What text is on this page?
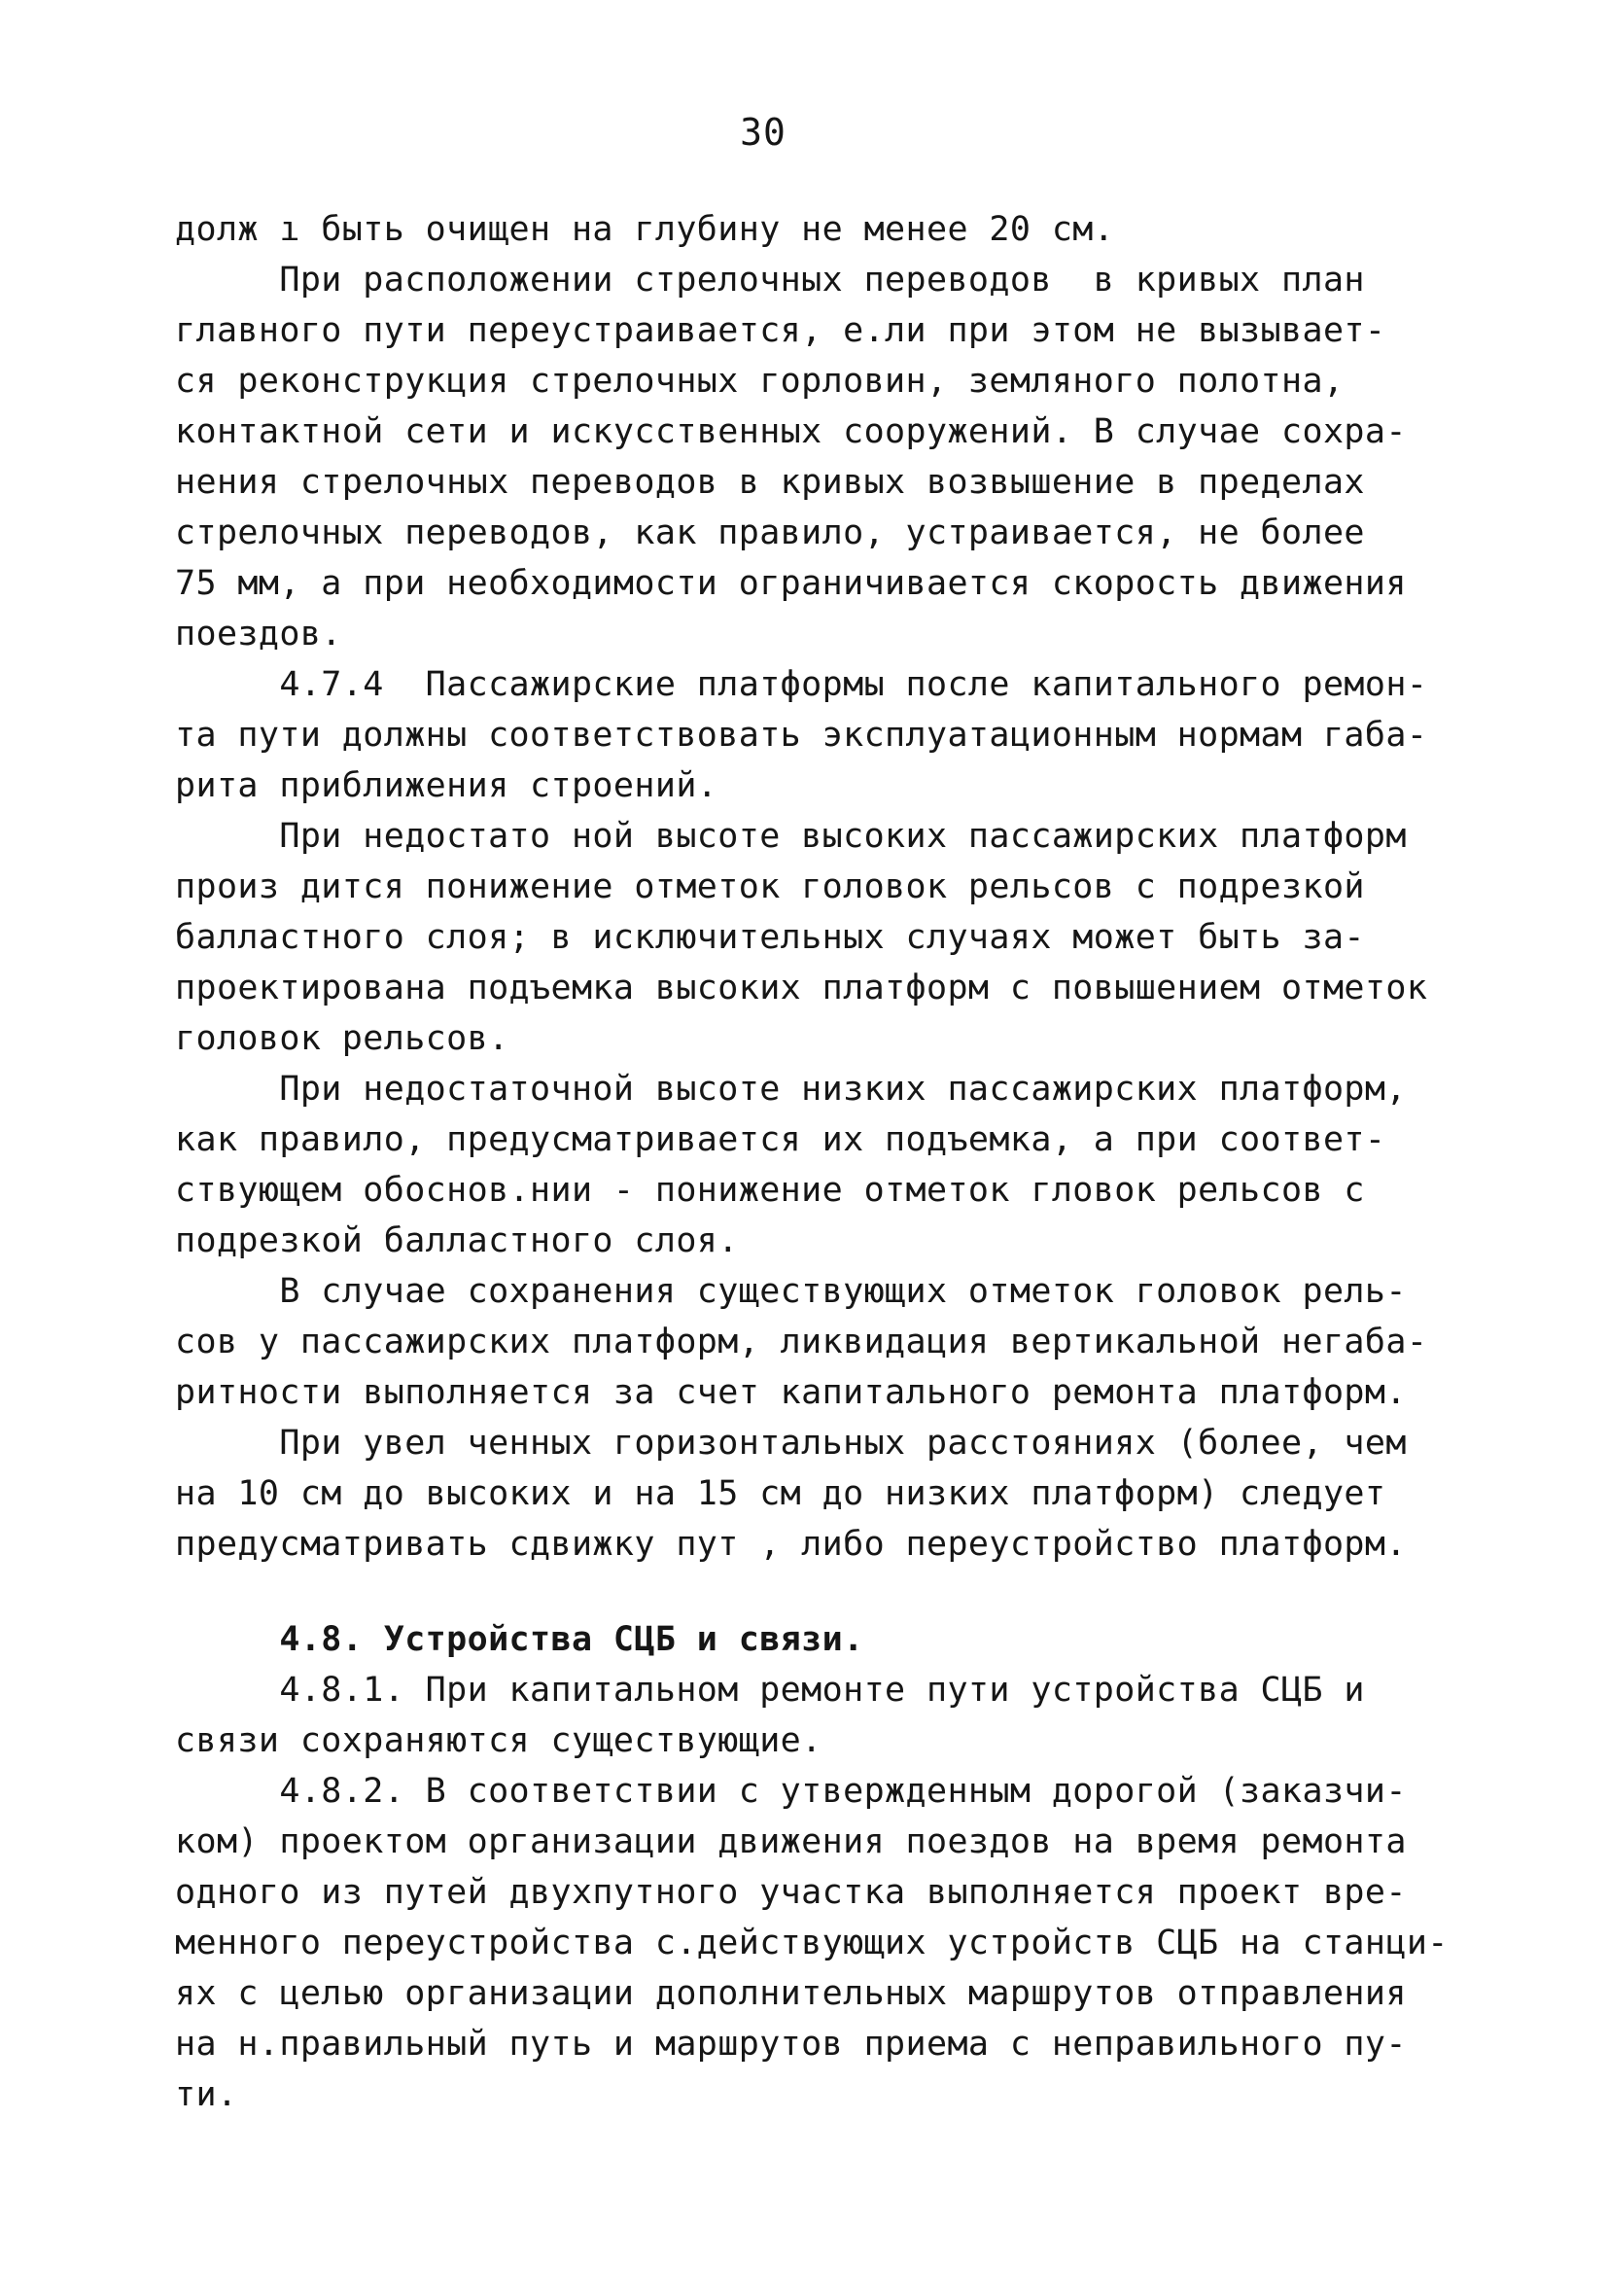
30
долж ı быть очищен на глубину не менее 20 см.
При расположении стрелочных переводов  в кривых план
главного пути переустраивается, е.ли при этом не вызывает-
ся реконструкция стрелочных горловин, земляного полотна,
контактной сети и искусственных сооружений. В случае сохра-
нения стрелочных переводов в кривых возвышение в пределах
стрелочных переводов, как правило, устраивается, не более
75 мм, а при необходимости ограничивается скорость движения
поездов.
4.7.4  Пассажирские платформы после капитального ремон-
та пути должны соответствовать эксплуатационным нормам габа-
рита приближения строений.
При недостато ной высоте высоких пассажирских платформ
произ дится понижение отметок головок рельсов с подрезкой
балластного слоя; в исключительных случаях может быть за-
проектирована подъемка высоких платформ с повышением отметок
головок рельсов.
При недостаточной высоте низких пассажирских платформ,
как правило, предусматривается их подъемка, а при соответ-
ствующем обоснов.нии - понижение отметок гловок рельсов с
подрезкой балластного слоя.
В случае сохранения существующих отметок головок рель-
сов у пассажирских платформ, ликвидация вертикальной негаба-
ритности выполняется за счет капитального ремонта платформ.
При увел ченных горизонтальных расстояниях (более, чем
на 10 см до высоких и на 15 см до низких платформ) следует
предусматривать сдвижку пут , либо переустройство платформ.
4.8. Устройства СЦБ и связи.
4.8.1. При капитальном ремонте пути устройства СЦБ и
связи сохраняются существующие.
4.8.2. В соответствии с утвержденным дорогой (заказчи-
ком) проектом организации движения поездов на время ремонта
одного из путей двухпутного участка выполняется проект вре-
менного переустройства с.действующих устройств СЦБ на станци-
ях с целью организации дополнительных маршрутов отправления
на н.правильный путь и маршрутов приема с неправильного пу-
ти.
